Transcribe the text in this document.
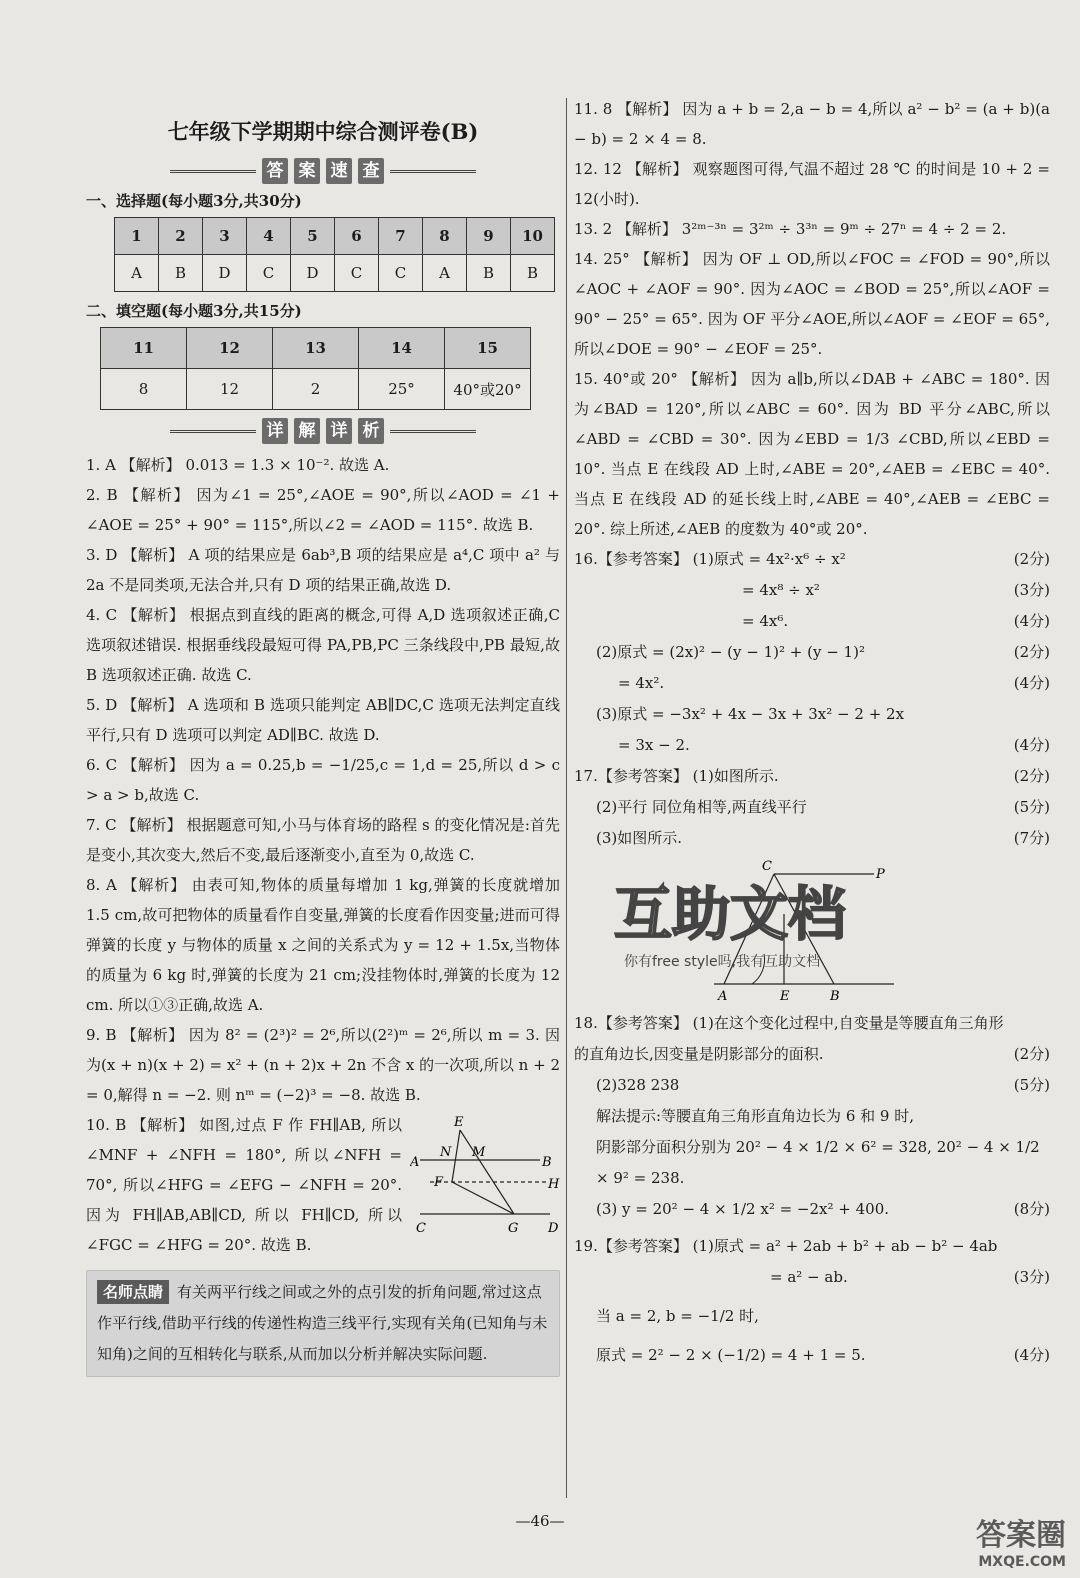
七年级下学期期中综合测评卷(B)
答 案 速 查
一、选择题(每小题3分,共30分)
1	2	3	4	5	6	7	8	9	10
A	B	D	C	D	C	C	A	B	B
二、填空题(每小题3分,共15分)
11	12	13	14	15
8	12	2	25°	40°或20°
详 解 详 析

1. A 【解析】 0.013 = 1.3 × 10⁻². 故选 A.

2. B 【解析】 因为∠1 = 25°,∠AOE = 90°,所以∠AOD = ∠1 + ∠AOE = 25° + 90° = 115°,所以∠2 = ∠AOD = 115°. 故选 B.

3. D 【解析】 A 项的结果应是 6ab³,B 项的结果应是 a⁴,C 项中 a² 与 2a 不是同类项,无法合并,只有 D 项的结果正确,故选 D.

4. C 【解析】 根据点到直线的距离的概念,可得 A,D 选项叙述正确,C 选项叙述错误. 根据垂线段最短可得 PA,PB,PC 三条线段中,PB 最短,故 B 选项叙述正确. 故选 C.

5. D 【解析】 A 选项和 B 选项只能判定 AB∥DC,C 选项无法判定直线平行,只有 D 选项可以判定 AD∥BC. 故选 D.

6. C 【解析】 因为 a = 0.25,b = −1/25,c = 1,d = 25,所以 d > c > a > b,故选 C.

7. C 【解析】 根据题意可知,小马与体育场的路程 s 的变化情况是:首先是变小,其次变大,然后不变,最后逐渐变小,直至为 0,故选 C.

8. A 【解析】 由表可知,物体的质量每增加 1 kg,弹簧的长度就增加 1.5 cm,故可把物体的质量看作自变量,弹簧的长度看作因变量;进而可得弹簧的长度 y 与物体的质量 x 之间的关系式为 y = 12 + 1.5x,当物体的质量为 6 kg 时,弹簧的长度为 21 cm;没挂物体时,弹簧的长度为 12 cm. 所以①③正确,故选 A.

9. B 【解析】 因为 8² = (2³)² = 2⁶,所以(2²)ᵐ = 2⁶,所以 m = 3. 因为(x + n)(x + 2) = x² + (n + 2)x + 2n 不含 x 的一次项,所以 n + 2 = 0,解得 n = −2. 则 nᵐ = (−2)³ = −8. 故选 B.

10. B 【解析】 如图,过点 F 作 FH∥AB, 所以∠MNF + ∠NFH = 180°, 所以∠NFH = 70°, 所以∠HFG = ∠EFG − ∠NFH = 20°. 因为 FH∥AB,AB∥CD, 所以 FH∥CD, 所以∠FGC = ∠HFG = 20°. 故选 B.

E
N M
A	B
F	H
C	G D
名师点睛 有关两平行线之间或之外的点引发的折角问题,常过这点作平行线,借助平行线的传递性构造三线平行,实现有关角(已知角与未知角)之间的互相转化与联系,从而加以分析并解决实际问题.

11. 8 【解析】 因为 a + b = 2,a − b = 4,所以 a² − b² = (a + b)(a − b) = 2 × 4 = 8.

12. 12 【解析】 观察题图可得,气温不超过 28 ℃ 的时间是 10 + 2 = 12(小时).

13. 2 【解析】 3²ᵐ⁻³ⁿ = 3²ᵐ ÷ 3³ⁿ = 9ᵐ ÷ 27ⁿ = 4 ÷ 2 = 2.

14. 25° 【解析】 因为 OF ⊥ OD,所以∠FOC = ∠FOD = 90°,所以∠AOC + ∠AOF = 90°. 因为∠AOC = ∠BOD = 25°,所以∠AOF = 90° − 25° = 65°. 因为 OF 平分∠AOE,所以∠AOF = ∠EOF = 65°,所以∠DOE = 90° − ∠EOF = 25°.

15. 40°或 20° 【解析】 因为 a∥b,所以∠DAB + ∠ABC = 180°. 因为∠BAD = 120°,所以∠ABC = 60°. 因为 BD 平分∠ABC,所以∠ABD = ∠CBD = 30°. 因为∠EBD = 1/3 ∠CBD,所以∠EBD = 10°. 当点 E 在线段 AD 上时,∠ABE = 20°,∠AEB = ∠EBC = 40°. 当点 E 在线段 AD 的延长线上时,∠ABE = 40°,∠AEB = ∠EBC = 20°. 综上所述,∠AEB 的度数为 40°或 20°.

16.【参考答案】 (1)原式 = 4x²·x⁶ ÷ x²	(2分)
= 4x⁸ ÷ x²	(3分)
= 4x⁶.	(4分)
(2)原式 = (2x)² − (y − 1)² + (y − 1)²	(2分)
= 4x².	(4分)
(3)原式 = −3x² + 4x − 3x + 3x² − 2 + 2x
= 3x − 2.	(4分)
17.【参考答案】 (1)如图所示.	(2分)
(2)平行 同位角相等,两直线平行	(5分)
(3)如图所示.	(7分)
C
P
A	E	B
互助文档
你有free style吗,我有互助文档
18.【参考答案】 (1)在这个变化过程中,自变量是等腰直角三角形的直角边长,因变量是阴影部分的面积.	(2分)
(2)328 238	(5分)
解法提示:等腰直角三角形直角边长为 6 和 9 时,
阴影部分面积分别为 20² − 4 × 1/2 × 6² = 328, 20² − 4 × 1/2 × 9² = 238.
(3) y = 20² − 4 × 1/2 x² = −2x² + 400.	(8分)
19.【参考答案】 (1)原式 = a² + 2ab + b² + ab − b² − 4ab
= a² − ab.	(3分)
当 a = 2, b = −1/2 时,
原式 = 2² − 2 × (−1/2) = 4 + 1 = 5.	(4分)
—46—	答案圈
MXQE.COM
